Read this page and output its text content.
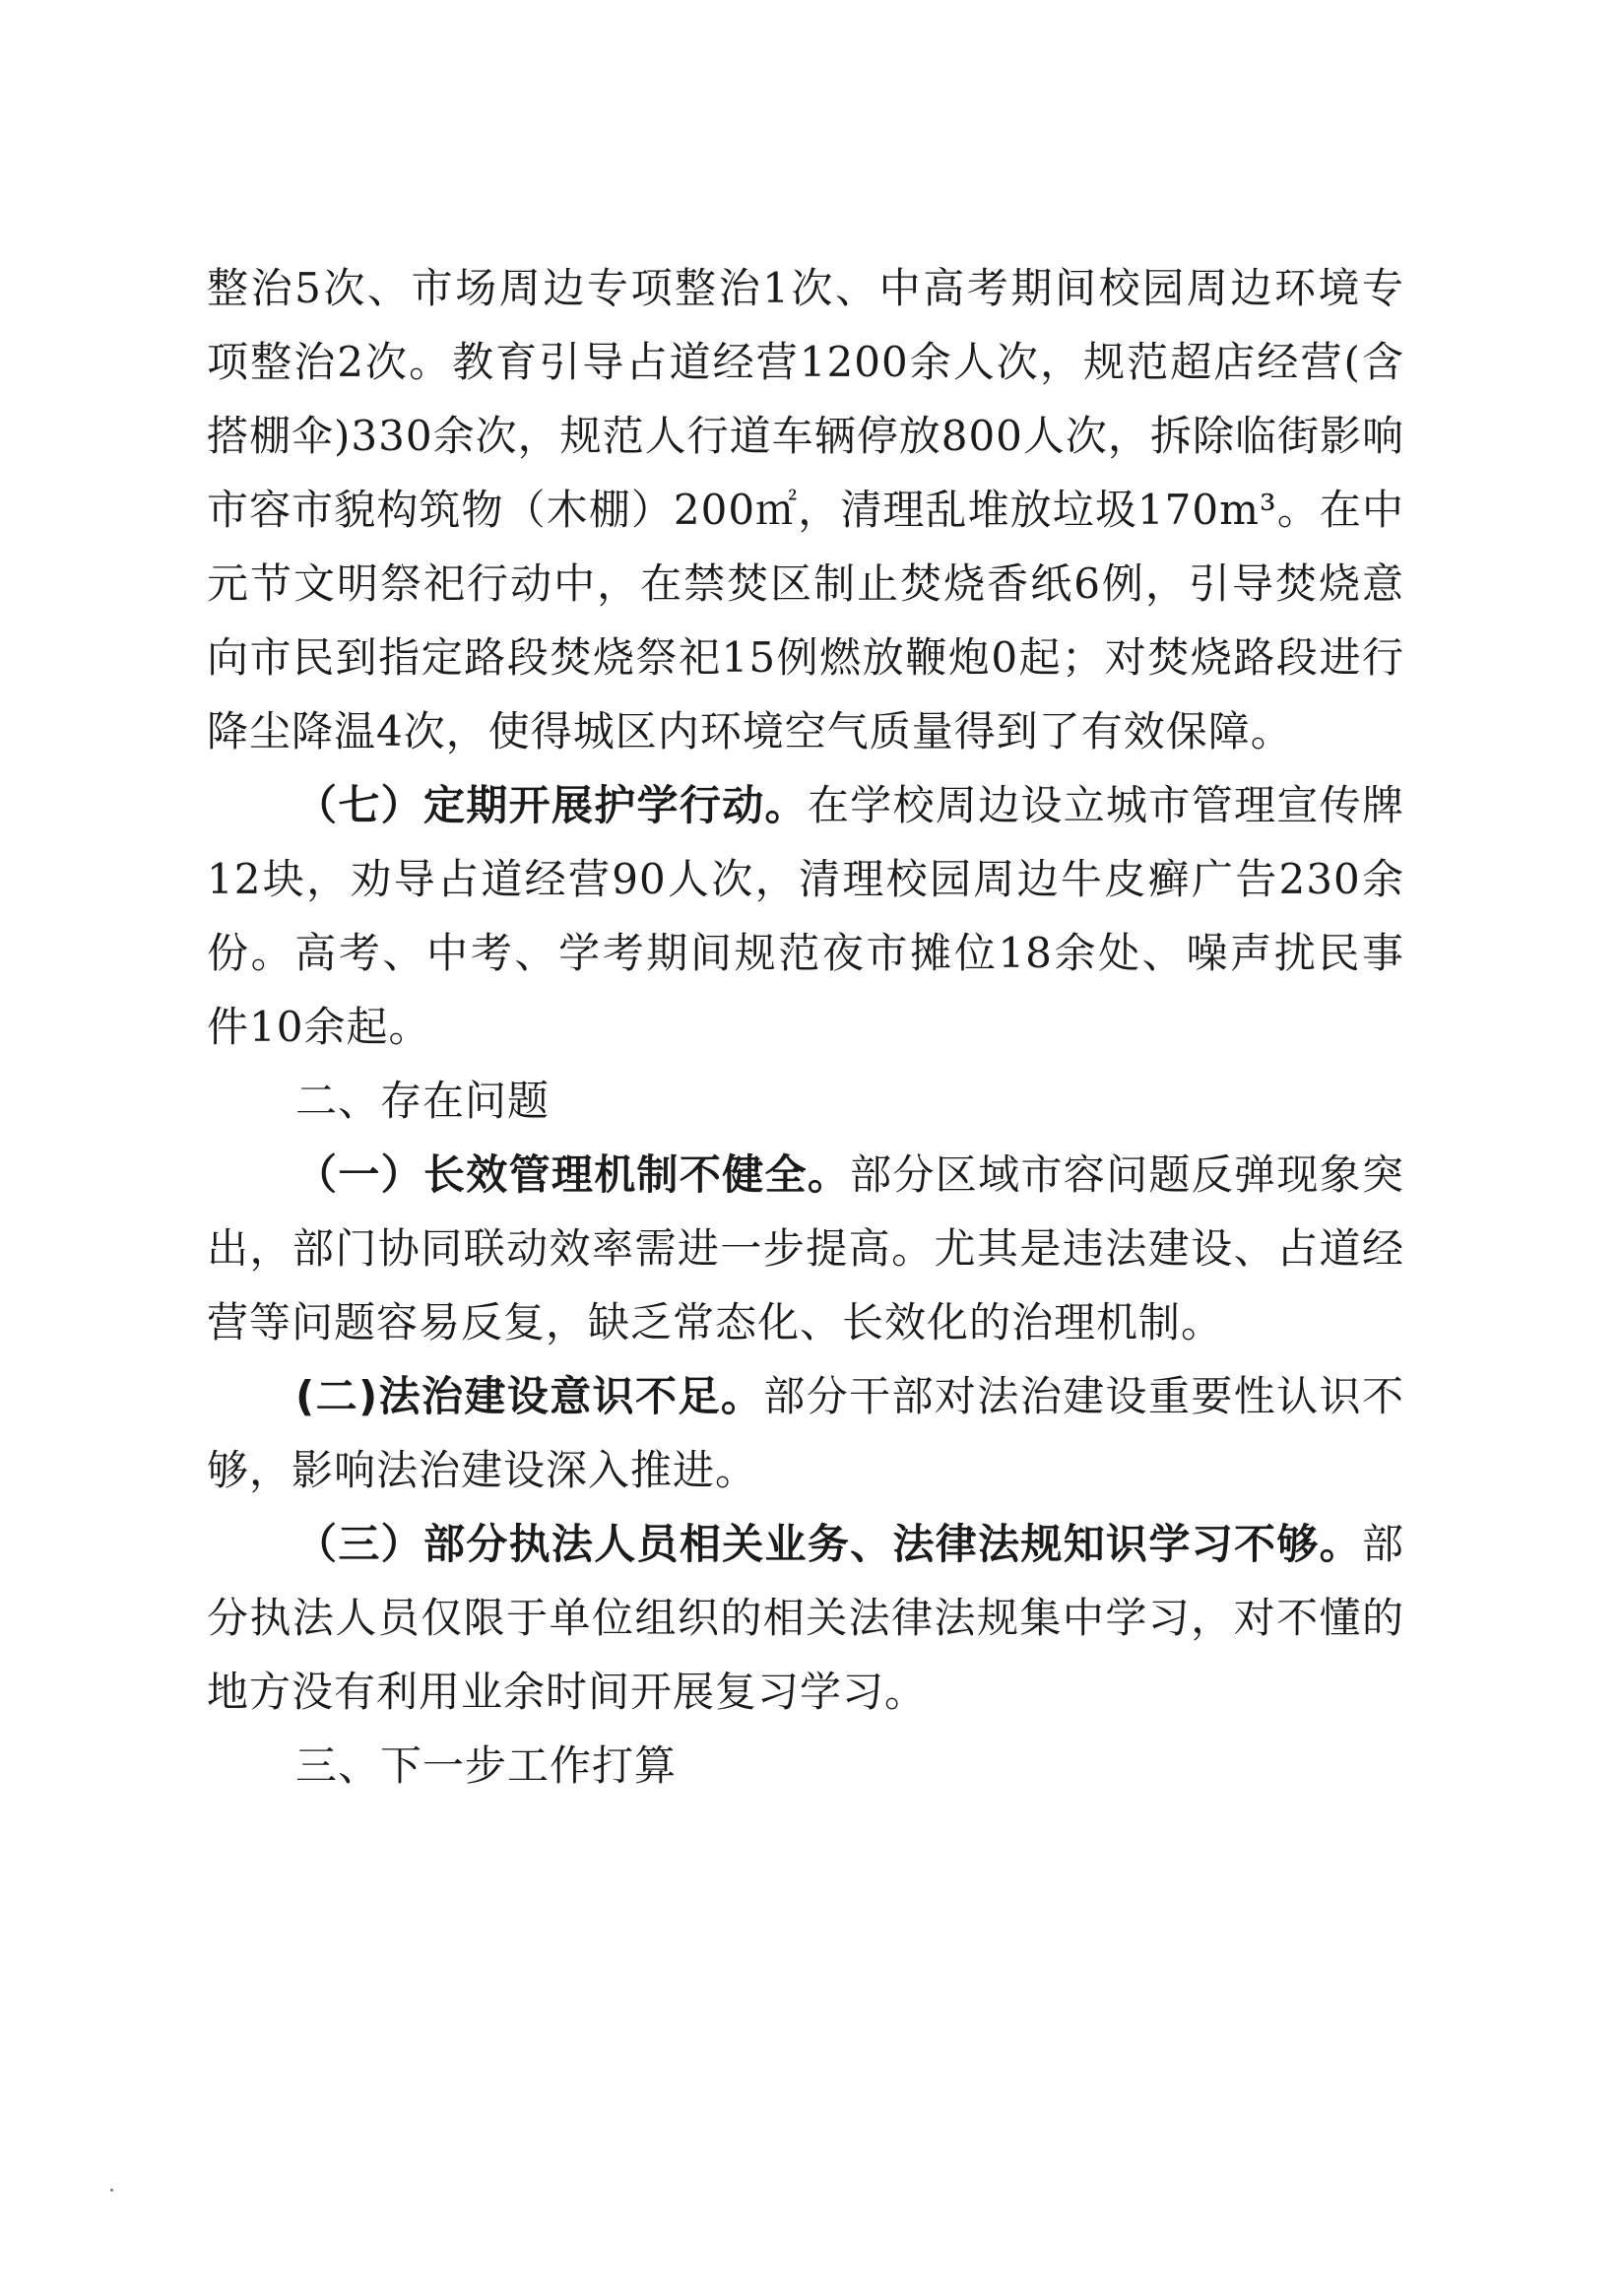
整治5次、市场周边专项整治1次、中高考期间校园周边环境专项整治2次。教育引导占道经营1200余人次，规范超店经营(含搭棚伞)330余次，规范人行道车辆停放800人次，拆除临街影响市容市貌构筑物（木棚）200㎡，清理乱堆放垃圾170m³。在中元节文明祭祀行动中，在禁焚区制止焚烧香纸6例，引导焚烧意向市民到指定路段焚烧祭祀15例燃放鞭炮0起；对焚烧路段进行降尘降温4次，使得城区内环境空气质量得到了有效保障。

（七）定期开展护学行动。在学校周边设立城市管理宣传牌12块，劝导占道经营90人次，清理校园周边牛皮癣广告230余份。高考、中考、学考期间规范夜市摊位18余处、噪声扰民事件10余起。

二、存在问题

（一）长效管理机制不健全。部分区域市容问题反弹现象突出，部门协同联动效率需进一步提高。尤其是违法建设、占道经营等问题容易反复，缺乏常态化、长效化的治理机制。

(二)法治建设意识不足。部分干部对法治建设重要性认识不够，影响法治建设深入推进。

（三）部分执法人员相关业务、法律法规知识学习不够。部分执法人员仅限于单位组织的相关法律法规集中学习，对不懂的地方没有利用业余时间开展复习学习。

三、下一步工作打算
